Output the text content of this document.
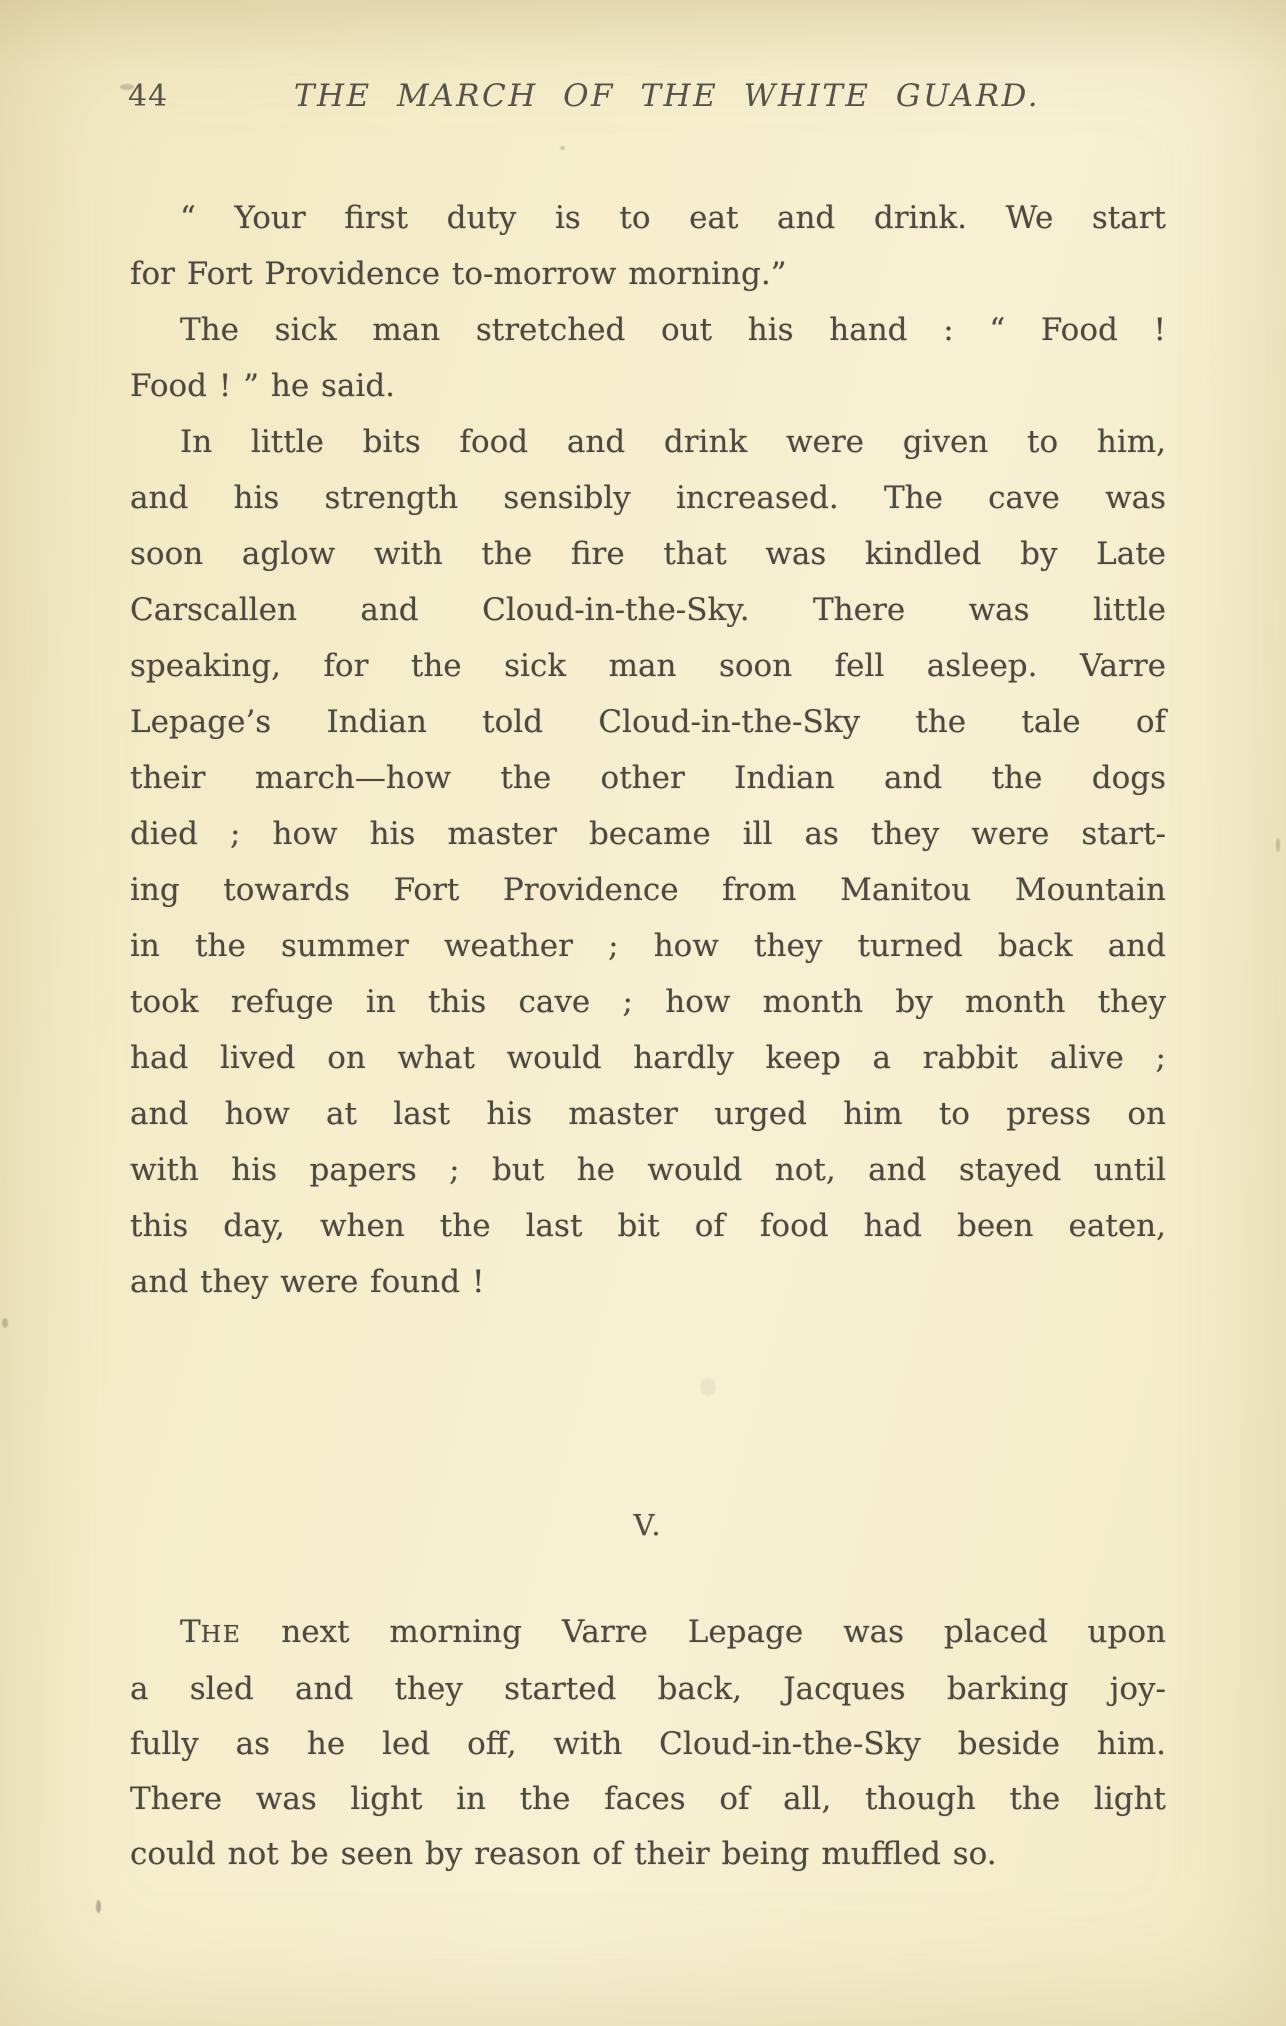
44	THE MARCH OF THE WHITE GUARD.
“ Your first duty is to eat and drink. We start
for Fort Providence to-morrow morning.”
The sick man stretched out his hand : “ Food !
Food ! ” he said.
In little bits food and drink were given to him,
and his strength sensibly increased. The cave was
soon aglow with the fire that was kindled by Late
Carscallen and Cloud-in-the-Sky. There was little
speaking, for the sick man soon fell asleep. Varre
Lepage’s Indian told Cloud-in-the-Sky the tale of
their march—how the other Indian and the dogs
died ; how his master became ill as they were start-
ing towards Fort Providence from Manitou Mountain
in the summer weather ; how they turned back and
took refuge in this cave ; how month by month they
had lived on what would hardly keep a rabbit alive ;
and how at last his master urged him to press on
with his papers ; but he would not, and stayed until
this day, when the last bit of food had been eaten,
and they were found !
V.
THE next morning Varre Lepage was placed upon
a sled and they started back, Jacques barking joy-
fully as he led off, with Cloud-in-the-Sky beside him.
There was light in the faces of all, though the light
could not be seen by reason of their being muffled so.
